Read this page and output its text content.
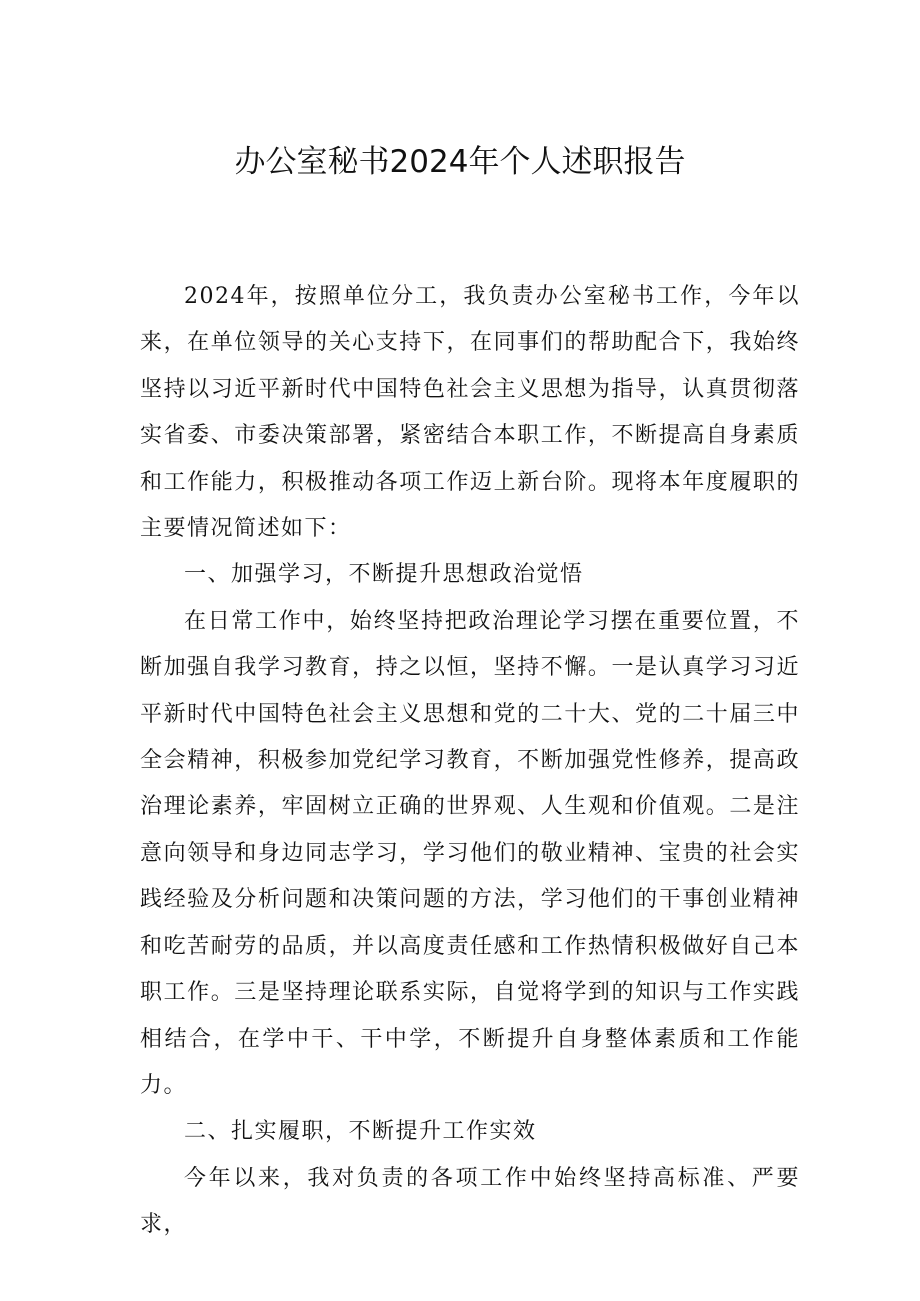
办公室秘书2024年个人述职报告

2024年，按照单位分工，我负责办公室秘书工作，今年以来，在单位领导的关心支持下，在同事们的帮助配合下，我始终坚持以习近平新时代中国特色社会主义思想为指导，认真贯彻落实省委、市委决策部署，紧密结合本职工作，不断提高自身素质和工作能力，积极推动各项工作迈上新台阶。现将本年度履职的主要情况简述如下：

一、加强学习，不断提升思想政治觉悟

在日常工作中，始终坚持把政治理论学习摆在重要位置，不断加强自我学习教育，持之以恒，坚持不懈。一是认真学习习近平新时代中国特色社会主义思想和党的二十大、党的二十届三中全会精神，积极参加党纪学习教育，不断加强党性修养，提高政治理论素养，牢固树立正确的世界观、人生观和价值观。二是注意向领导和身边同志学习，学习他们的敬业精神、宝贵的社会实践经验及分析问题和决策问题的方法，学习他们的干事创业精神和吃苦耐劳的品质，并以高度责任感和工作热情积极做好自己本职工作。三是坚持理论联系实际，自觉将学到的知识与工作实践相结合，在学中干、干中学，不断提升自身整体素质和工作能力。

二、扎实履职，不断提升工作实效

今年以来，我对负责的各项工作中始终坚持高标准、严要求，
